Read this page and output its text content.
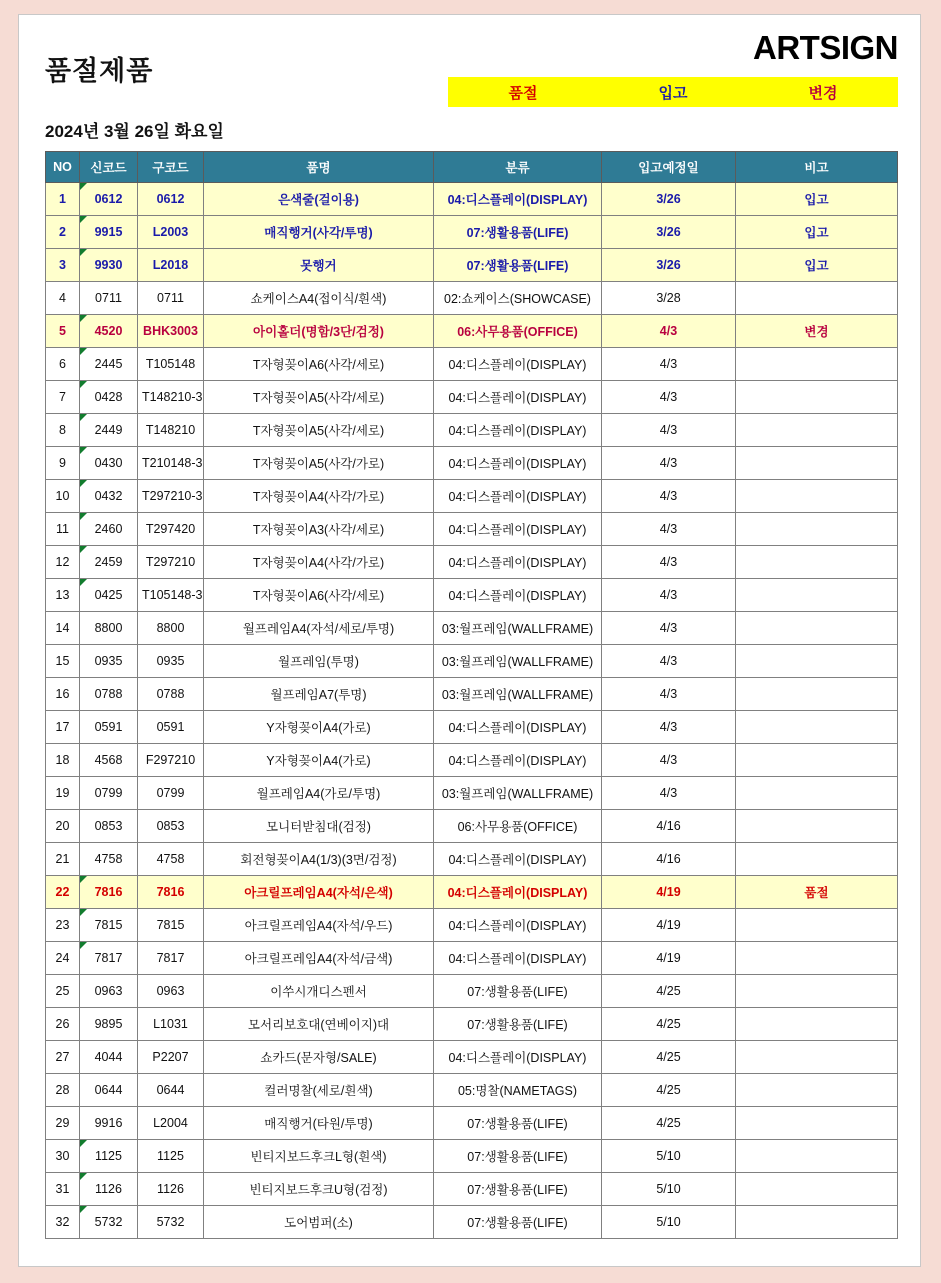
품절제품
ARTSIGN
품절	입고	변경
2024년 3월 26일 화요일
NO	신코드	구코드	품명	분류	입고예정일	비고
1	0612	0612	은색줄(걸이용)	04:디스플레이(DISPLAY)	3/26	입고
2	9915	L2003	매직행거(사각/투명)	07:생활용품(LIFE)	3/26	입고
3	9930	L2018	못행거	07:생활용품(LIFE)	3/26	입고
4	0711	0711	쇼케이스A4(접이식/흰색)	02:쇼케이스(SHOWCASE)	3/28	
5	4520	BHK3003	아이홀더(명함/3단/검정)	06:사무용품(OFFICE)	4/3	변경
6	2445	T105148	T자형꽂이A6(사각/세로)	04:디스플레이(DISPLAY)	4/3	
7	0428	T148210-3	T자형꽂이A5(사각/세로)	04:디스플레이(DISPLAY)	4/3	
8	2449	T148210	T자형꽂이A5(사각/세로)	04:디스플레이(DISPLAY)	4/3	
9	0430	T210148-3	T자형꽂이A5(사각/가로)	04:디스플레이(DISPLAY)	4/3	
10	0432	T297210-3	T자형꽂이A4(사각/가로)	04:디스플레이(DISPLAY)	4/3	
11	2460	T297420	T자형꽂이A3(사각/세로)	04:디스플레이(DISPLAY)	4/3	
12	2459	T297210	T자형꽂이A4(사각/가로)	04:디스플레이(DISPLAY)	4/3	
13	0425	T105148-3	T자형꽂이A6(사각/세로)	04:디스플레이(DISPLAY)	4/3	
14	8800	8800	월프레임A4(자석/세로/투명)	03:월프레임(WALLFRAME)	4/3	
15	0935	0935	월프레임(투명)	03:월프레임(WALLFRAME)	4/3	
16	0788	0788	월프레임A7(투명)	03:월프레임(WALLFRAME)	4/3	
17	0591	0591	Y자형꽂이A4(가로)	04:디스플레이(DISPLAY)	4/3	
18	4568	F297210	Y자형꽂이A4(가로)	04:디스플레이(DISPLAY)	4/3	
19	0799	0799	월프레임A4(가로/투명)	03:월프레임(WALLFRAME)	4/3	
20	0853	0853	모니터받침대(검정)	06:사무용품(OFFICE)	4/16	
21	4758	4758	회전형꽂이A4(1/3)(3면/검정)	04:디스플레이(DISPLAY)	4/16	
22	7816	7816	아크릴프레임A4(자석/은색)	04:디스플레이(DISPLAY)	4/19	품절
23	7815	7815	아크릴프레임A4(자석/우드)	04:디스플레이(DISPLAY)	4/19	
24	7817	7817	아크릴프레임A4(자석/금색)	04:디스플레이(DISPLAY)	4/19	
25	0963	0963	이쑤시개디스펜서	07:생활용품(LIFE)	4/25	
26	9895	L1031	모서리보호대(연베이지)대	07:생활용품(LIFE)	4/25	
27	4044	P2207	쇼카드(문자형/SALE)	04:디스플레이(DISPLAY)	4/25	
28	0644	0644	컬러명찰(세로/흰색)	05:명찰(NAMETAGS)	4/25	
29	9916	L2004	매직행거(타원/투명)	07:생활용품(LIFE)	4/25	
30	1125	1125	빈티지보드후크L형(흰색)	07:생활용품(LIFE)	5/10	
31	1126	1126	빈티지보드후크U형(검정)	07:생활용품(LIFE)	5/10	
32	5732	5732	도어범퍼(소)	07:생활용품(LIFE)	5/10	
